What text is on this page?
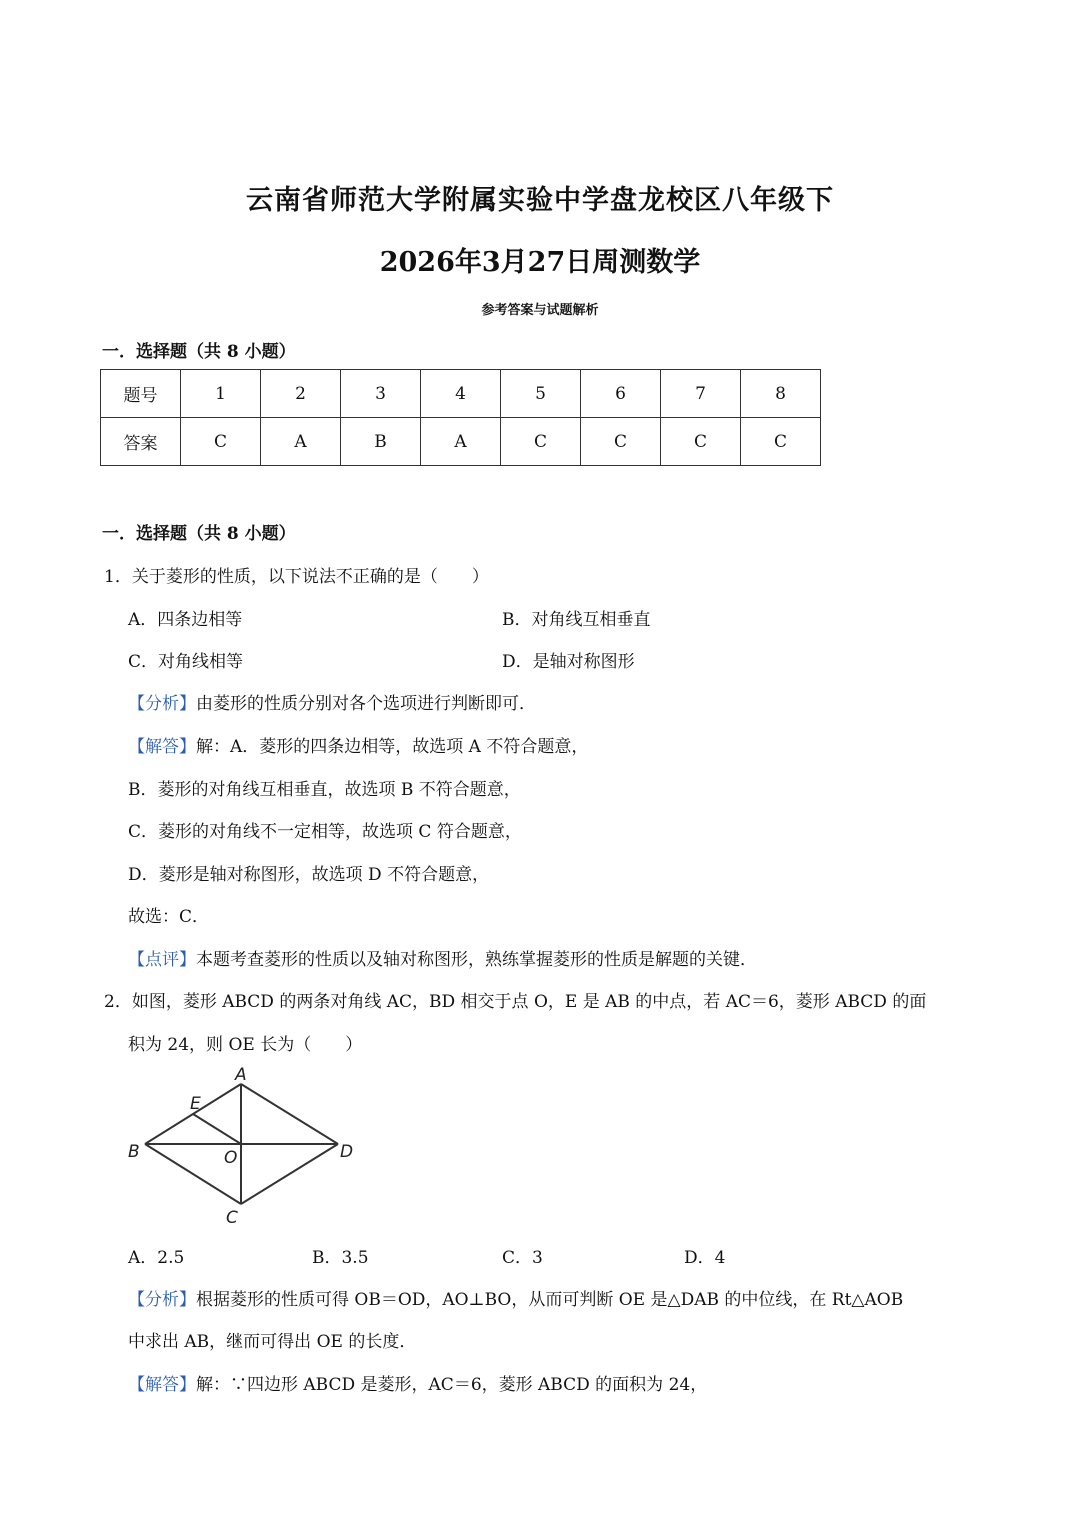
云南省师范大学附属实验中学盘龙校区八年级下
2026年3月27日周测数学
参考答案与试题解析
一．选择题（共 8 小题）
题号	1	2	3	4	5	6	7	8
答案	C	A	B	A	C	C	C	C
一．选择题（共 8 小题）
1．关于菱形的性质，以下说法不正确的是（　　）
A．四条边相等	B．对角线互相垂直
C．对角线相等	D．是轴对称图形
【分析】由菱形的性质分别对各个选项进行判断即可．
【解答】解：A．菱形的四条边相等，故选项 A 不符合题意，
B．菱形的对角线互相垂直，故选项 B 不符合题意，
C．菱形的对角线不一定相等，故选项 C 符合题意，
D．菱形是轴对称图形，故选项 D 不符合题意，
故选：C．
【点评】本题考查菱形的性质以及轴对称图形，熟练掌握菱形的性质是解题的关键．
2．如图，菱形 ABCD 的两条对角线 AC，BD 相交于点 O，E 是 AB 的中点，若 AC＝6，菱形 ABCD 的面
积为 24，则 OE 长为（　　）
A
B
C
D
E
O
A．2.5	B．3.5	C．3	D．4
【分析】根据菱形的性质可得 OB＝OD，AO⊥BO，从而可判断 OE 是△DAB 的中位线，在 Rt△AOB
中求出 AB，继而可得出 OE 的长度．
【解答】解：∵四边形 ABCD 是菱形，AC＝6，菱形 ABCD 的面积为 24，
